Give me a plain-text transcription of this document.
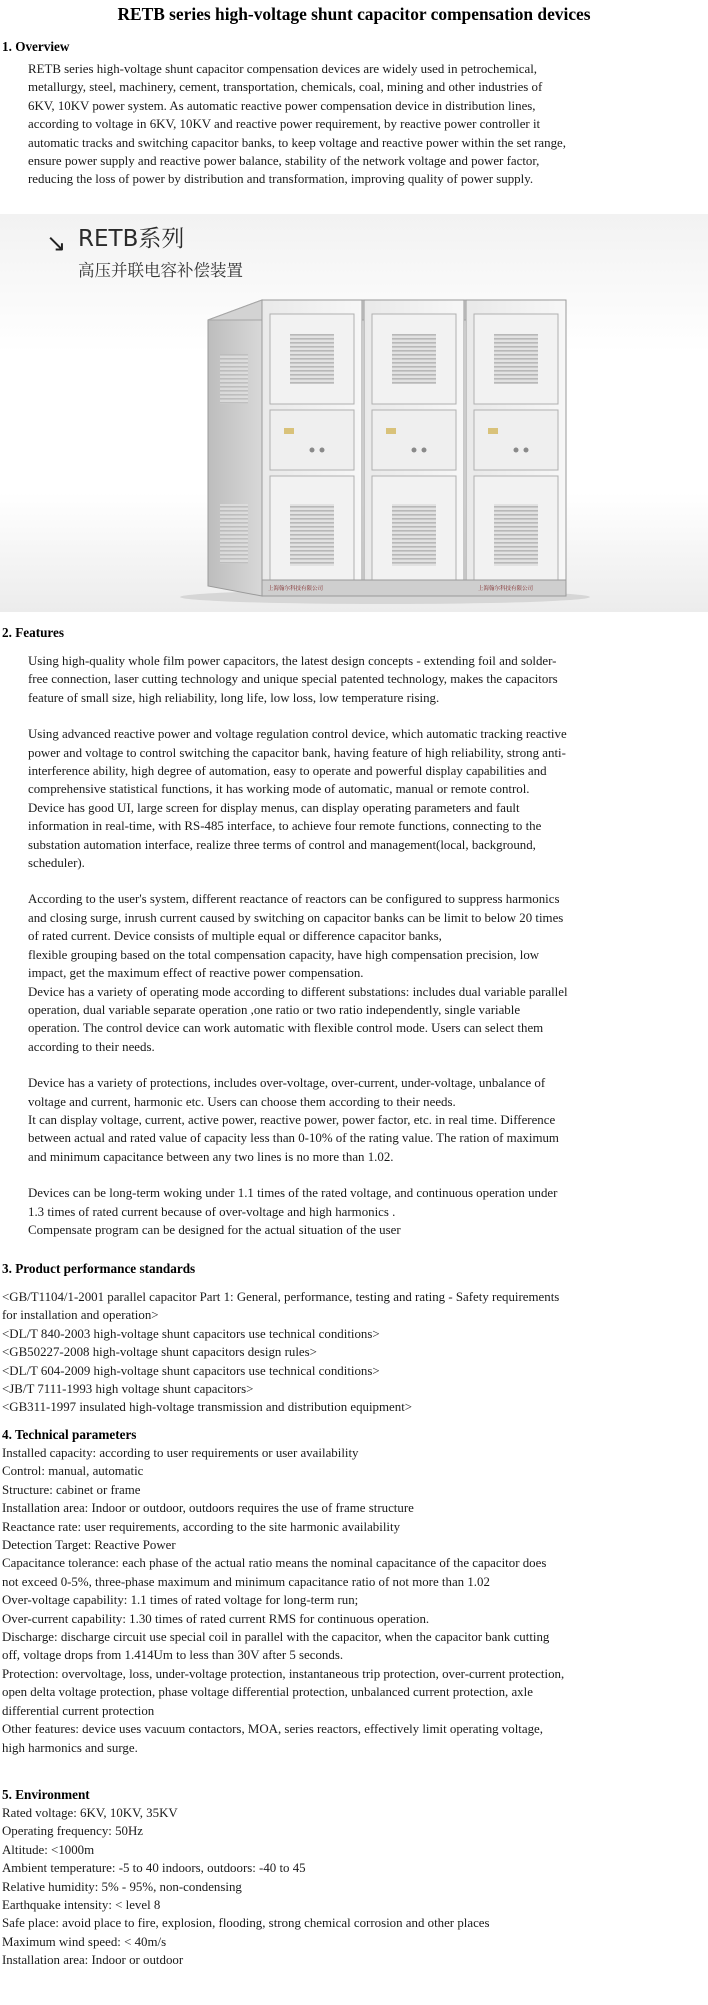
RETB series high-voltage shunt capacitor compensation devices
1. Overview
RETB series high-voltage shunt capacitor compensation devices are widely used in petrochemical,
metallurgy, steel, machinery, cement, transportation, chemicals, coal, mining and other industries of
6KV, 10KV power system. As automatic reactive power compensation device in distribution lines,
according to voltage in 6KV, 10KV and reactive power requirement, by reactive power controller it
automatic tracks and switching capacitor banks, to keep voltage and reactive power within the set range,
ensure power supply and reactive power balance, stability of the network voltage and power factor,
reducing the loss of power by distribution and transformation, improving quality of power supply.
↘ RETB系列
高压并联电容补偿装置
上海翰尔科技有限公司	上海翰尔科技有限公司
2. Features
Using high-quality whole film power capacitors, the latest design concepts - extending foil and solder-
free connection, laser cutting technology and unique special patented technology, makes the capacitors
feature of small size, high reliability, long life, low loss, low temperature rising.
Using advanced reactive power and voltage regulation control device, which automatic tracking reactive
power and voltage to control switching the capacitor bank, having feature of high reliability, strong anti-
interference ability, high degree of automation, easy to operate and powerful display capabilities and
comprehensive statistical functions, it has working mode of automatic, manual or remote control.
Device has good UI, large screen for display menus, can display operating parameters and fault
information in real-time, with RS-485 interface, to achieve four remote functions, connecting to the
substation automation interface, realize three terms of control and management(local, background,
scheduler).
According to the user's system, different reactance of reactors can be configured to suppress harmonics
and closing surge, inrush current caused by switching on capacitor banks can be limit to below 20 times
of rated current. Device consists of multiple equal or difference capacitor banks,
flexible grouping based on the total compensation capacity, have high compensation precision, low
impact, get the maximum effect of reactive power compensation.
Device has a variety of operating mode according to different substations: includes dual variable parallel
operation, dual variable separate operation ,one ratio or two ratio independently, single variable
operation. The control device can work automatic with flexible control mode. Users can select them
according to their needs.
Device has a variety of protections, includes over-voltage, over-current, under-voltage, unbalance of
voltage and current, harmonic etc. Users can choose them according to their needs.
It can display voltage, current, active power, reactive power, power factor, etc. in real time. Difference
between actual and rated value of capacity less than 0-10% of the rating value. The ration of maximum
and minimum capacitance between any two lines is no more than 1.02.
Devices can be long-term woking under 1.1 times of the rated voltage, and continuous operation under
1.3 times of rated current because of over-voltage and high harmonics .
Compensate program can be designed for the actual situation of the user
3. Product performance standards
<GB/T1104/1-2001 parallel capacitor Part 1: General, performance, testing and rating - Safety requirements
for installation and operation>
<DL/T 840-2003 high-voltage shunt capacitors use technical conditions>
<GB50227-2008 high-voltage shunt capacitors design rules>
<DL/T 604-2009 high-voltage shunt capacitors use technical conditions>
<JB/T 7111-1993 high voltage shunt capacitors>
<GB311-1997 insulated high-voltage transmission and distribution equipment>
4. Technical parameters
Installed capacity: according to user requirements or user availability
Control: manual, automatic
Structure: cabinet or frame
Installation area: Indoor or outdoor, outdoors requires the use of frame structure
Reactance rate: user requirements, according to the site harmonic availability
Detection Target: Reactive Power
Capacitance tolerance: each phase of the actual ratio means the nominal capacitance of the capacitor does
not exceed 0-5%, three-phase maximum and minimum capacitance ratio of not more than 1.02
Over-voltage capability: 1.1 times of rated voltage for long-term run;
Over-current capability: 1.30 times of rated current RMS for continuous operation.
Discharge: discharge circuit use special coil in parallel with the capacitor, when the capacitor bank cutting
off, voltage drops from 1.414Um to less than 30V after 5 seconds.
Protection: overvoltage, loss, under-voltage protection, instantaneous trip protection, over-current protection,
open delta voltage protection, phase voltage differential protection, unbalanced current protection, axle
differential current protection
Other features: device uses vacuum contactors, MOA, series reactors, effectively limit operating voltage,
high harmonics and surge.
5. Environment
Rated voltage: 6KV, 10KV, 35KV
Operating frequency: 50Hz
Altitude: <1000m
Ambient temperature: -5 to 40 indoors, outdoors: -40 to 45
Relative humidity: 5% - 95%, non-condensing
Earthquake intensity: < level 8
Safe place: avoid place to fire, explosion, flooding, strong chemical corrosion and other places
Maximum wind speed: < 40m/s
Installation area: Indoor or outdoor
